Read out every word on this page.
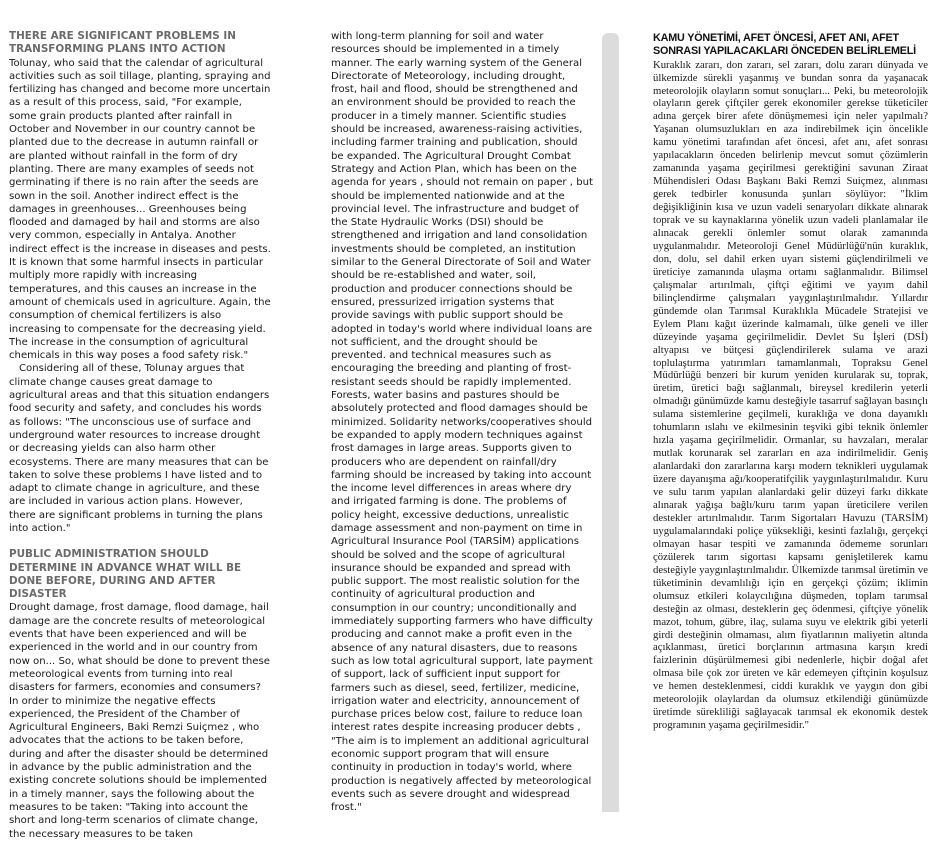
THERE ARE SIGNIFICANT PROBLEMS IN TRANSFORMING PLANS INTO ACTION

Tolunay, who said that the calendar of agricultural activities such as soil tillage, planting, spraying and fertilizing has changed and become more uncertain as a result of this process, said, "For example, some grain products planted after rainfall in October and November in our country cannot be planted due to the decrease in autumn rainfall or are planted without rainfall in the form of dry planting. There are many examples of seeds not germinating if there is no rain after the seeds are sown in the soil. Another indirect effect is the damages in greenhouses... Greenhouses being flooded and damaged by hail and storms are also very common, especially in Antalya. Another indirect effect is the increase in diseases and pests. It is known that some harmful insects in particular multiply more rapidly with increasing temperatures, and this causes an increase in the amount of chemicals used in agriculture. Again, the consumption of chemical fertilizers is also increasing to compensate for the decreasing yield. The increase in the consumption of agricultural chemicals in this way poses a food safety risk."

Considering all of these, Tolunay argues that climate change causes great damage to agricultural areas and that this situation endangers food security and safety, and concludes his words as follows: "The unconscious use of surface and underground water resources to increase drought or decreasing yields can also harm other ecosystems. There are many measures that can be taken to solve these problems I have listed and to adapt to climate change in agriculture, and these are included in various action plans. However, there are significant problems in turning the plans into action."

PUBLIC ADMINISTRATION SHOULD DETERMINE IN ADVANCE WHAT WILL BE DONE BEFORE, DURING AND AFTER DISASTER

Drought damage, frost damage, flood damage, hail damage are the concrete results of meteorological events that have been experienced and will be experienced in the world and in our country from now on... So, what should be done to prevent these meteorological events from turning into real disasters for farmers, economies and consumers? In order to minimize the negative effects experienced, the President of the Chamber of Agricultural Engineers, Baki Remzi Suiçmez , who advocates that the actions to be taken before, during and after the disaster should be determined in advance by the public administration and the existing concrete solutions should be implemented in a timely manner, says the following about the measures to be taken: "Taking into account the short and long-term scenarios of climate change, the necessary measures to be taken

with long-term planning for soil and water resources should be implemented in a timely manner. The early warning system of the General Directorate of Meteorology, including drought, frost, hail and flood, should be strengthened and an environment should be provided to reach the producer in a timely manner. Scientific studies should be increased, awareness-raising activities, including farmer training and publication, should be expanded. The Agricultural Drought Combat Strategy and Action Plan, which has been on the agenda for years , should not remain on paper , but should be implemented nationwide and at the provincial level. The infrastructure and budget of the State Hydraulic Works (DSI) should be strengthened and irrigation and land consolidation investments should be completed, an institution similar to the General Directorate of Soil and Water should be re-established and water, soil, production and producer connections should be ensured, pressurized irrigation systems that provide savings with public support should be adopted in today's world where individual loans are not sufficient, and the drought should be prevented. and technical measures such as encouraging the breeding and planting of frost-resistant seeds should be rapidly implemented. Forests, water basins and pastures should be absolutely protected and flood damages should be minimized. Solidarity networks/cooperatives should be expanded to apply modern techniques against frost damages in large areas. Supports given to producers who are dependent on rainfall/dry farming should be increased by taking into account the income level differences in areas where dry and irrigated farming is done. The problems of policy height, excessive deductions, unrealistic damage assessment and non-payment on time in Agricultural Insurance Pool (TARSİM) applications should be solved and the scope of agricultural insurance should be expanded and spread with public support. The most realistic solution for the continuity of agricultural production and consumption in our country; unconditionally and immediately supporting farmers who have difficulty producing and cannot make a profit even in the absence of any natural disasters, due to reasons such as low total agricultural support, late payment of support, lack of sufficient input support for farmers such as diesel, seed, fertilizer, medicine, irrigation water and electricity, announcement of purchase prices below cost, failure to reduce loan interest rates despite increasing producer debts , "The aim is to implement an additional agricultural economic support program that will ensure continuity in production in today's world, where production is negatively affected by meteorological events such as severe drought and widespread frost."

KAMU YÖNETİMİ, AFET ÖNCESİ, AFET ANI, AFET SONRASI YAPILACAKLARI ÖNCEDEN BELİRLEMELİ

Kuraklık zararı, don zararı, sel zararı, dolu zararı dünyada ve ülkemizde sürekli yaşanmış ve bundan sonra da yaşanacak meteorolojik olayların somut sonuçları... Peki, bu meteorolojik olayların gerek çiftçiler gerek ekonomiler gerekse tüketiciler adına gerçek birer afete dönüşmemesi için neler yapılmalı? Yaşanan olumsuzlukları en aza indirebilmek için öncelikle kamu yönetimi tarafından afet öncesi, afet anı, afet sonrası yapılacakların önceden belirlenip mevcut somut çözümlerin zamanında yaşama geçirilmesi gerektiğini savunan Ziraat Mühendisleri Odası Başkanı Baki Remzi Suiçmez, alınması gerek tedbirler konusunda şunları söylüyor: "İklim değişikliğinin kısa ve uzun vadeli senaryoları dikkate alınarak toprak ve su kaynaklarına yönelik uzun vadeli planlamalar ile alınacak gerekli önlemler somut olarak zamanında uygulanmalıdır. Meteoroloji Genel Müdürlüğü'nün kuraklık, don, dolu, sel dahil erken uyarı sistemi güçlendirilmeli ve üreticiye zamanında ulaşma ortamı sağlanmalıdır. Bilimsel çalışmalar artırılmalı, çiftçi eğitimi ve yayım dahil bilinçlendirme çalışmaları yaygınlaştırılmalıdır. Yıllardır gündemde olan Tarımsal Kuraklıkla Mücadele Stratejisi ve Eylem Planı kağıt üzerinde kalmamalı, ülke geneli ve iller düzeyinde yaşama geçirilmelidir. Devlet Su İşleri (DSİ) altyapısı ve bütçesi güçlendirilerek sulama ve arazi toplulaştırma yatırımları tamamlanmalı, Topraksu Genel Müdürlüğü benzeri bir kurum yeniden kurularak su, toprak, üretim, üretici bağı sağlanmalı, bireysel kredilerin yeterli olmadığı günümüzde kamu desteğiyle tasarruf sağlayan basınçlı sulama sistemlerine geçilmeli, kuraklığa ve dona dayanıklı tohumların ıslahı ve ekilmesinin teşviki gibi teknik önlemler hızla yaşama geçirilmelidir. Ormanlar, su havzaları, meralar mutlak korunarak sel zararları en aza indirilmelidir. Geniş alanlardaki don zararlarına karşı modern teknikleri uygulamak üzere dayanışma ağı/kooperatifçilik yaygınlaştırılmalıdır. Kuru ve sulu tarım yapılan alanlardaki gelir düzeyi farkı dikkate alınarak yağışa bağlı/kuru tarım yapan üreticilere verilen destekler artırılmalıdır. Tarım Sigortaları Havuzu (TARSİM) uygulamalarındaki poliçe yüksekliği, kesinti fazlalığı, gerçekçi olmayan hasar tespiti ve zamanında ödememe sorunları çözülerek tarım sigortası kapsamı genişletilerek kamu desteğiyle yaygınlaştırılmalıdır. Ülkemizde tarımsal üretimin ve tüketiminin devamlılığı için en gerçekçi çözüm; iklimin olumsuz etkileri kolaycılığına düşmeden, toplam tarımsal desteğin az olması, desteklerin geç ödenmesi, çiftçiye yönelik mazot, tohum, gübre, ilaç, sulama suyu ve elektrik gibi yeterli girdi desteğinin olmaması, alım fiyatlarının maliyetin altında açıklanması, üretici borçlarının artmasına karşın kredi faizlerinin düşürülmemesi gibi nedenlerle, hiçbir doğal afet olmasa bile çok zor üreten ve kâr edemeyen çiftçinin koşulsuz ve hemen desteklenmesi, ciddi kuraklık ve yaygın don gibi meteorolojik olaylardan da olumsuz etkilendiği günümüzde üretimde sürekliliği sağlayacak tarımsal ek ekonomik destek programının yaşama geçirilmesidir."
